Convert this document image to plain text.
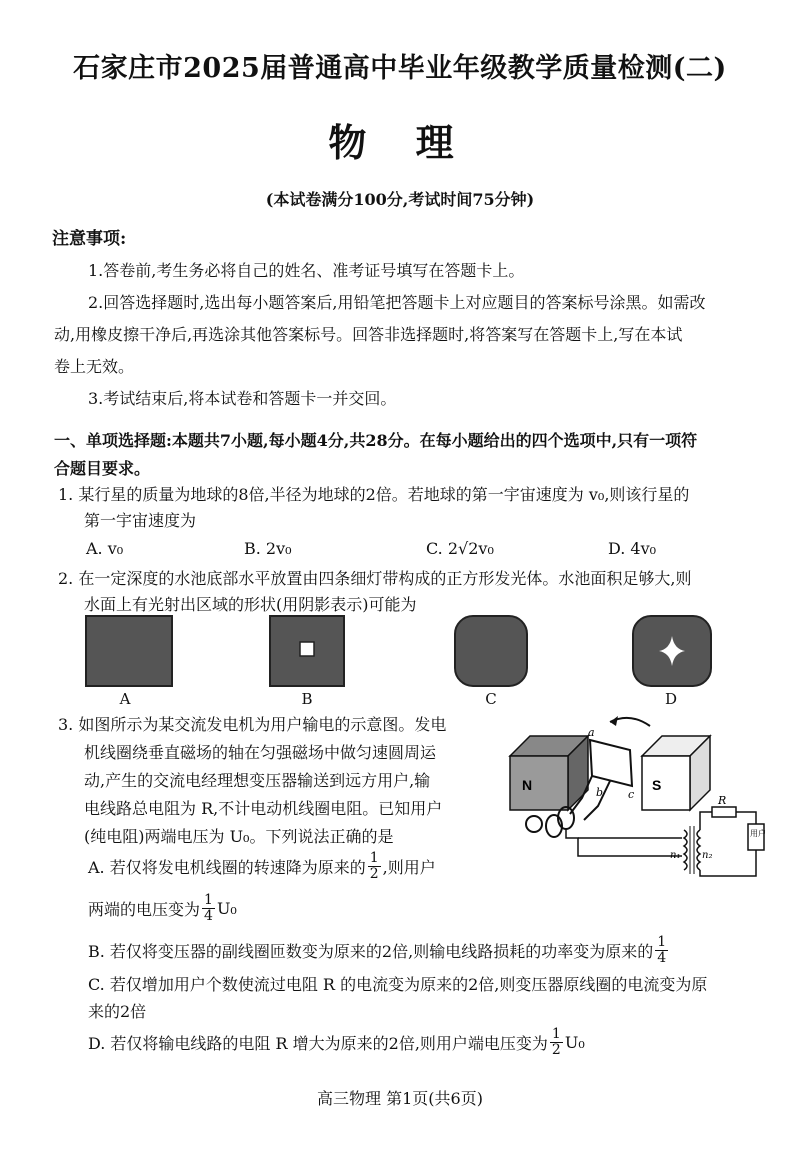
石家庄市2025届普通高中毕业年级教学质量检测(二)
物 理
(本试卷满分100分,考试时间75分钟)
注意事项:
1.答卷前,考生务必将自己的姓名、准考证号填写在答题卡上。
2.回答选择题时,选出每小题答案后,用铅笔把答题卡上对应题目的答案标号涂黑。如需改
动,用橡皮擦干净后,再选涂其他答案标号。回答非选择题时,将答案写在答题卡上,写在本试
卷上无效。
3.考试结束后,将本试卷和答题卡一并交回。
一、单项选择题:本题共7小题,每小题4分,共28分。在每小题给出的四个选项中,只有一项符
合题目要求。
1. 某行星的质量为地球的8倍,半径为地球的2倍。若地球的第一宇宙速度为 v₀,则该行星的
第一宇宙速度为
A. v₀	B. 2v₀	C. 2√2v₀	D. 4v₀
2. 在一定深度的水池底部水平放置由四条细灯带构成的正方形发光体。水池面积足够大,则
水面上有光射出区域的形状(用阴影表示)可能为
A	B	C	D
3. 如图所示为某交流发电机为用户输电的示意图。发电
机线圈绕垂直磁场的轴在匀强磁场中做匀速圆周运
动,产生的交流电经理想变压器输送到远方用户,输
电线路总电阻为 R,不计电动机线圈电阻。已知用户
(纯电阻)两端电压为 U₀。下列说法正确的是
A. 若仅将发电机线圈的转速降为原来的 $\frac{1}{2}$ ,则用户
两端的电压变为 $\frac{1}{4} U_0$
B. 若仅将变压器的副线圈匝数变为原来的2倍,则输电线路损耗的功率变为原来的 $\frac{1}{4}$
C. 若仅增加用户个数使流过电阻 R 的电流变为原来的2倍,则变压器原线圈的电流变为原
来的2倍
D. 若仅将输电线路的电阻 R 增大为原来的2倍,则用户端电压变为 $\frac{1}{2} U_0$
N	S
a
b c
n₁ n₂
R
用户
高三物理 第1页(共6页)
